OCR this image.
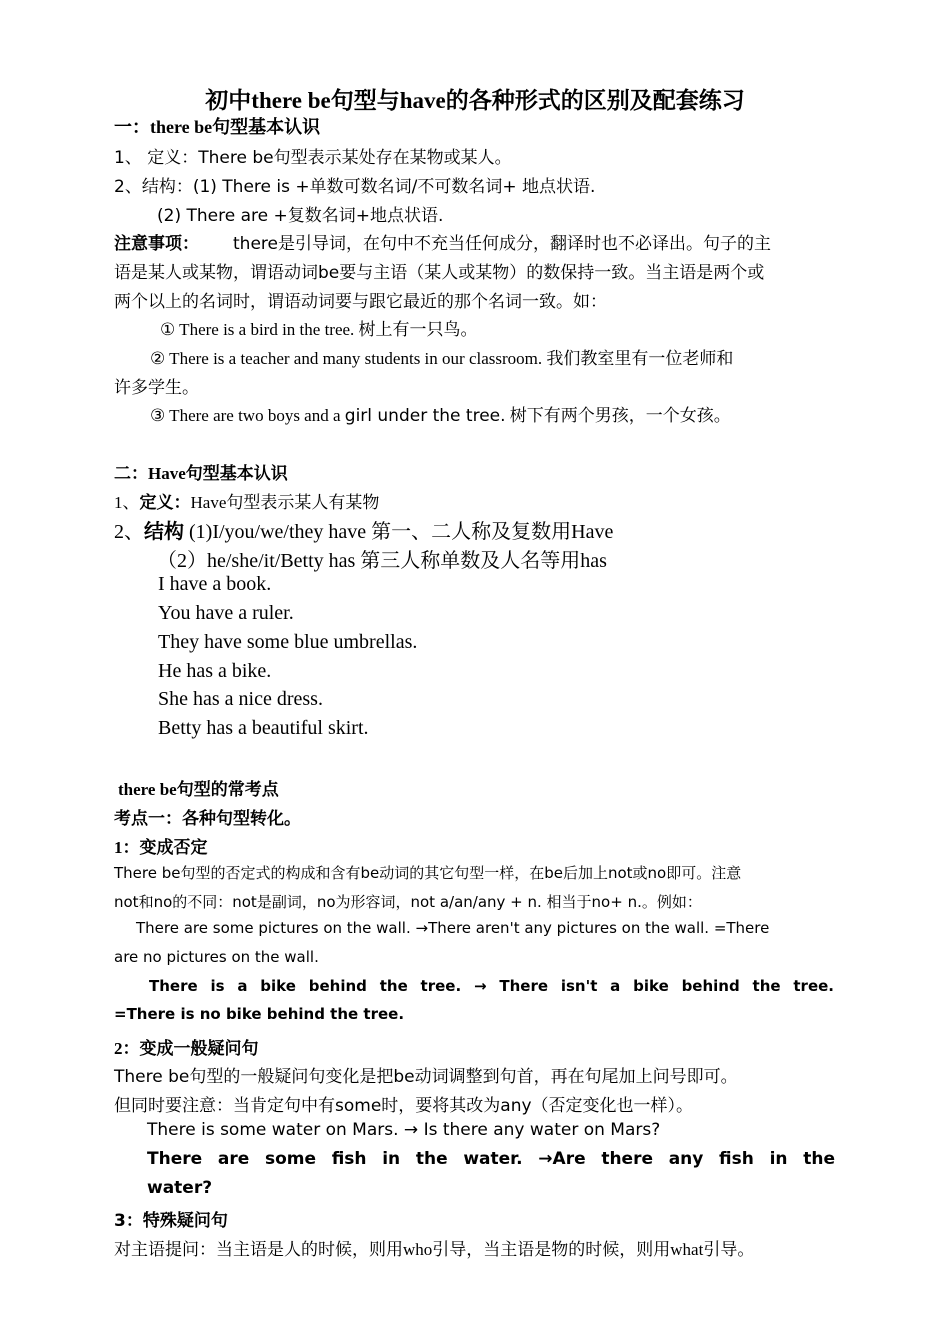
初中there be句型与have的各种形式的区别及配套练习
一：there be句型基本认识
1、 定义：There be句型表示某处存在某物或某人。
2、结构：(1) There is +单数可数名词/不可数名词+ 地点状语.
(2) There are +复数名词+地点状语.
注意事项： there是引导词，在句中不充当任何成分，翻译时也不必译出。句子的主
语是某人或某物，谓语动词be要与主语（某人或某物）的数保持一致。当主语是两个或
两个以上的名词时，谓语动词要与跟它最近的那个名词一致。如：
① There is a bird in the tree. 树上有一只鸟。
② There is a teacher and many students in our classroom. 我们教室里有一位老师和
许多学生。
③ There are two boys and a girl under the tree. 树下有两个男孩，一个女孩。
二：Have句型基本认识
1、定义：Have句型表示某人有某物
2、结构 (1)I/you/we/they have 第一、二人称及复数用Have
（2）he/she/it/Betty has 第三人称单数及人名等用has
I have a book.
You have a ruler.
They have some blue umbrellas.
He has a bike.
She has a nice dress.
Betty has a beautiful skirt.
there be句型的常考点
考点一：各种句型转化。
1：变成否定
There be句型的否定式的构成和含有be动词的其它句型一样，在be后加上not或no即可。注意
not和no的不同：not是副词，no为形容词，not a/an/any + n. 相当于no+ n.。例如：
There are some pictures on the wall. →There aren't any pictures on the wall. =There
are no pictures on the wall.
There is a bike behind the tree. → There isn't a bike behind the tree.
=There is no bike behind the tree.
2：变成一般疑问句
There be句型的一般疑问句变化是把be动词调整到句首，再在句尾加上问号即可。
但同时要注意：当肯定句中有some时，要将其改为any（否定变化也一样）。
There is some water on Mars. → Is there any water on Mars?
There are some fish in the water. →Are there any fish in the
water?
3：特殊疑问句
对主语提问：当主语是人的时候，则用who引导，当主语是物的时候，则用what引导。
